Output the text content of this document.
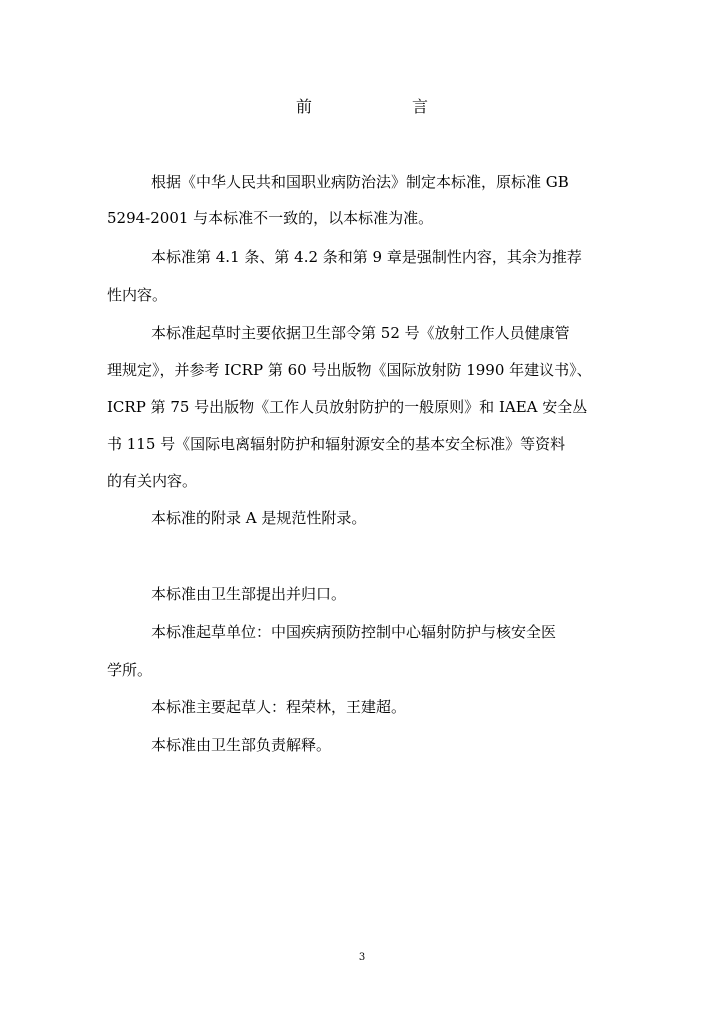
前	言
根据《中华人民共和国职业病防治法》制定本标准，原标准 GB
5294-2001 与本标准不一致的，以本标准为准。
本标准第 4.1 条、第 4.2 条和第 9 章是强制性内容，其余为推荐
性内容。
本标准起草时主要依据卫生部令第 52 号《放射工作人员健康管
理规定》，并参考 ICRP 第 60 号出版物《国际放射防 1990 年建议书》、
ICRP 第 75 号出版物《工作人员放射防护的一般原则》和 IAEA 安全丛
书 115 号《国际电离辐射防护和辐射源安全的基本安全标准》等资料
的有关内容。
本标准的附录 A 是规范性附录。
本标准由卫生部提出并归口。
本标准起草单位：中国疾病预防控制中心辐射防护与核安全医
学所。
本标准主要起草人：程荣林，王建超。
本标准由卫生部负责解释。
3
